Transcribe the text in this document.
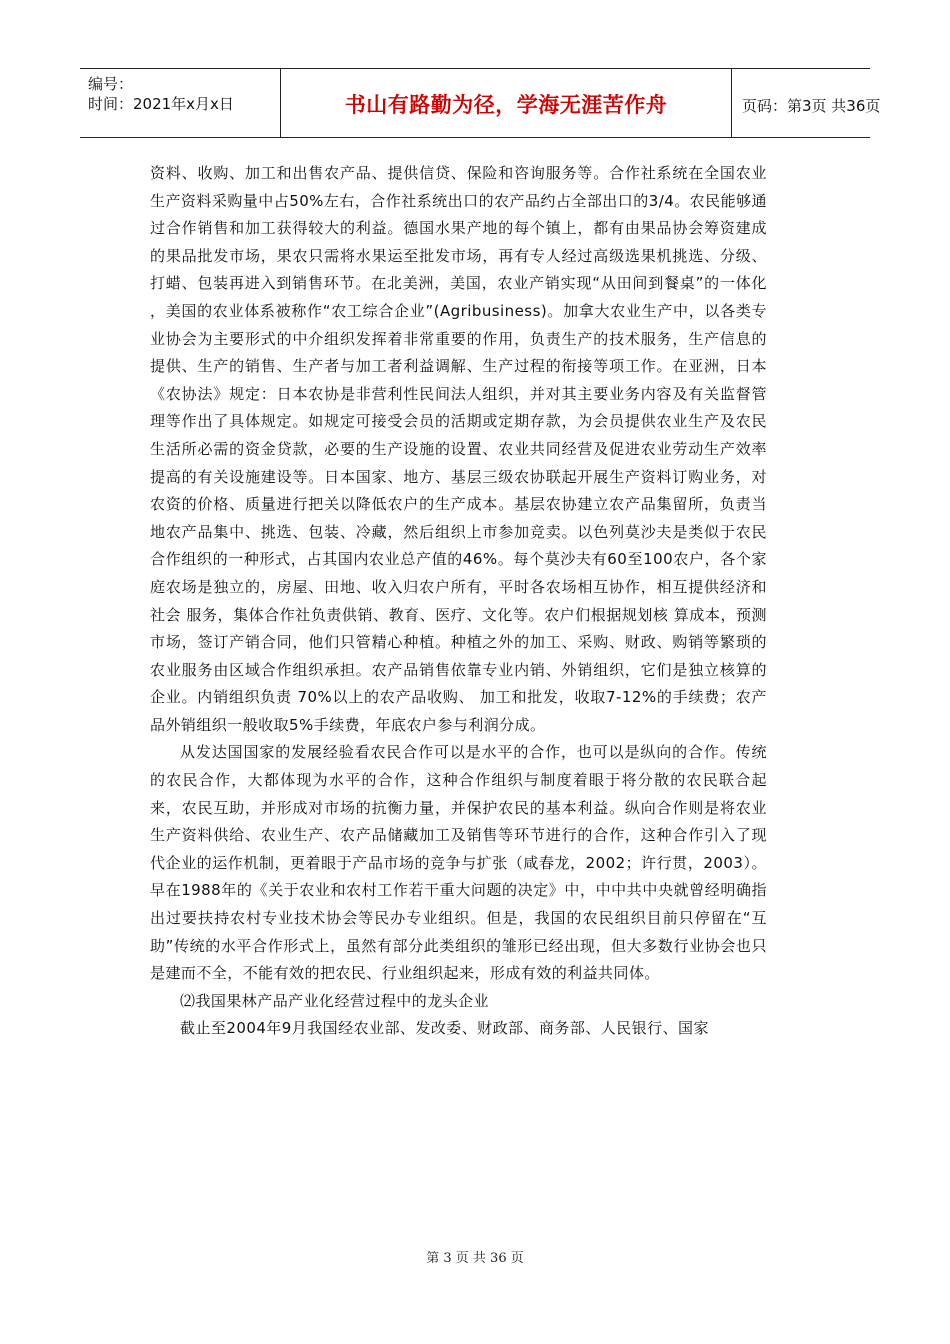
编号：
时间：2021年x月x日	书山有路勤为径，学海无涯苦作舟	页码：第3页 共36页

资料、收购、加工和出售农产品、提供信贷、保险和咨询服务等。合作社系统在全国农业生产资料采购量中占50%左右，合作社系统出口的农产品约占全部出口的3/4。农民能够通过合作销售和加工获得较大的利益。德国水果产地的每个镇上，都有由果品协会筹资建成的果品批发市场，果农只需将水果运至批发市场，再有专人经过高级选果机挑选、分级、打蜡、包装再进入到销售环节。在北美洲，美国，农业产销实现“从田间到餐桌”的一体化 ，美国的农业体系被称作“农工综合企业”(Agribusiness)。加拿大农业生产中，以各类专业协会为主要形式的中介组织发挥着非常重要的作用，负责生产的技术服务，生产信息的提供、生产的销售、生产者与加工者利益调解、生产过程的衔接等项工作。在亚洲，日本《农协法》规定：日本农协是非营利性民间法人组织，并对其主要业务内容及有关监督管理等作出了具体规定。如规定可接受会员的活期或定期存款，为会员提供农业生产及农民生活所必需的资金贷款，必要的生产设施的设置、农业共同经营及促进农业劳动生产效率提高的有关设施建设等。日本国家、地方、基层三级农协联起开展生产资料订购业务，对农资的价格、质量进行把关以降低农户的生产成本。基层农协建立农产品集留所，负责当地农产品集中、挑选、包装、冷藏，然后组织上市参加竞卖。以色列莫沙夫是类似于农民合作组织的一种形式，占其国内农业总产值的46%。每个莫沙夫有60至100农户，各个家庭农场是独立的，房屋、田地、收入归农户所有，平时各农场相互协作，相互提供经济和社会 服务，集体合作社负责供销、教育、医疗、文化等。农户们根据规划核 算成本，预测市场，签订产销合同，他们只管精心种植。种植之外的加工、采购、财政、购销等繁琐的农业服务由区域合作组织承担。农产品销售依靠专业内销、外销组织，它们是独立核算的企业。内销组织负责 70%以上的农产品收购、 加工和批发，收取7-12%的手续费；农产品外销组织一般收取5%手续费，年底农户参与利润分成。

从发达国国家的发展经验看农民合作可以是水平的合作，也可以是纵向的合作。传统的农民合作，大都体现为水平的合作，这种合作组织与制度着眼于将分散的农民联合起来，农民互助，并形成对市场的抗衡力量，并保护农民的基本利益。纵向合作则是将农业生产资料供给、农业生产、农产品储藏加工及销售等环节进行的合作，这种合作引入了现代企业的运作机制，更着眼于产品市场的竞争与扩张（咸春龙，2002；许行贯，2003）。早在1988年的《关于农业和农村工作若干重大问题的决定》中，中中共中央就曾经明确指出过要扶持农村专业技术协会等民办专业组织。但是，我国的农民组织目前只停留在“互助”传统的水平合作形式上，虽然有部分此类组织的雏形已经出现，但大多数行业协会也只是建而不全，不能有效的把农民、行业组织起来，形成有效的利益共同体。

⑵我国果林产品产业化经营过程中的龙头企业

截止至2004年9月我国经农业部、发改委、财政部、商务部、人民银行、国家

第 3 页 共 36 页
